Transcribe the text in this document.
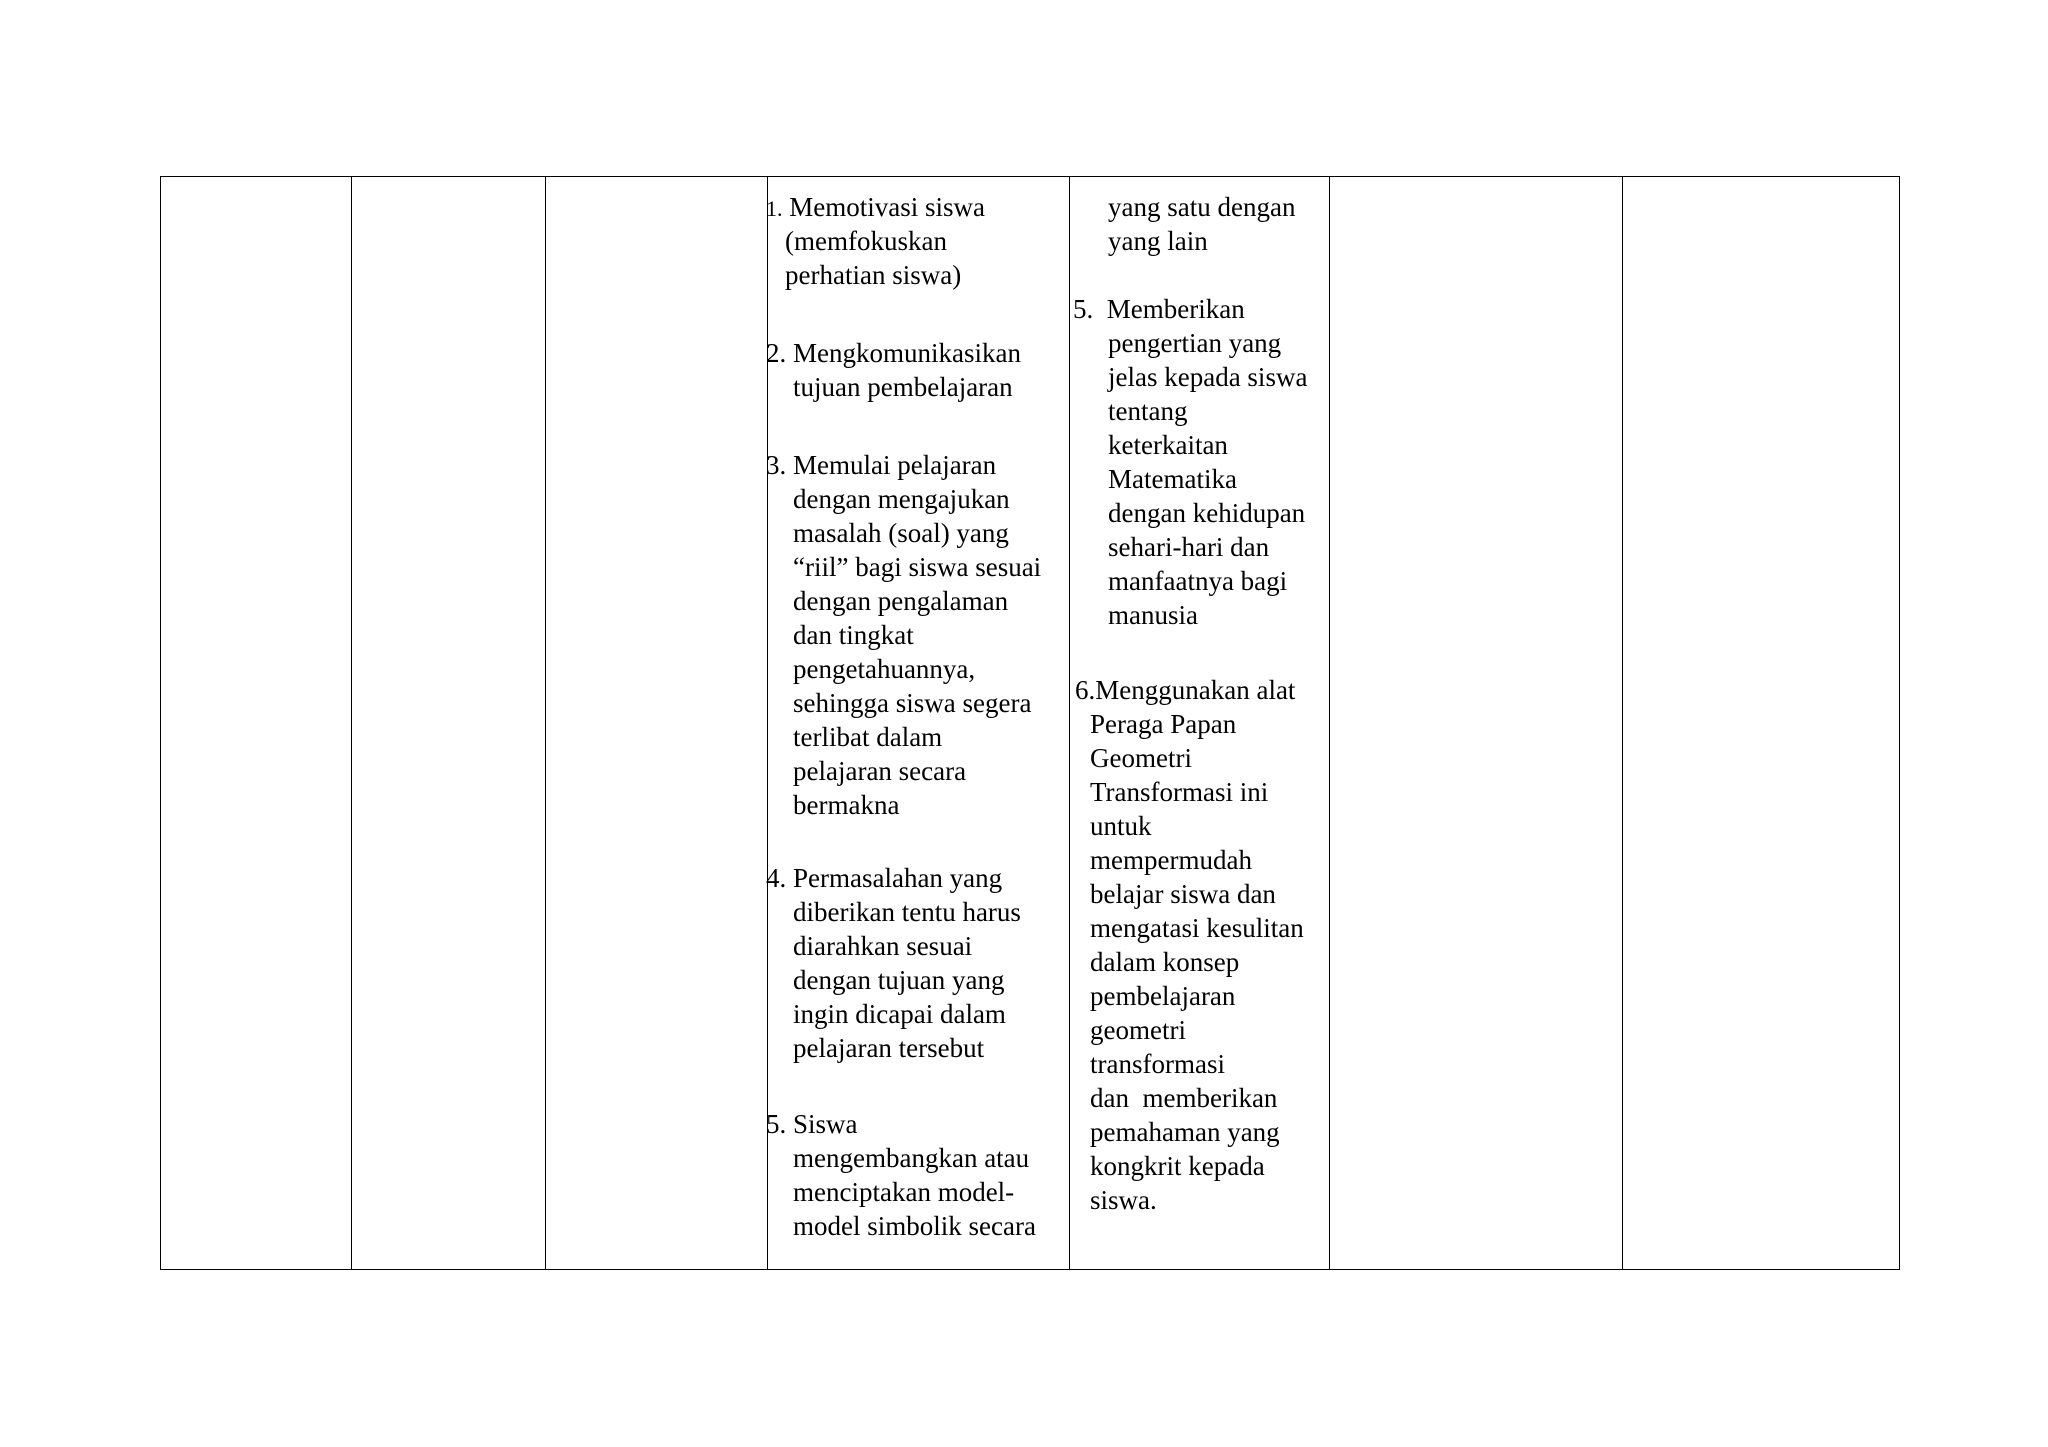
1. Memotivasi siswa
(memfokuskan
perhatian siswa)
2. Mengkomunikasikan
tujuan pembelajaran
3. Memulai pelajaran
dengan mengajukan
masalah (soal) yang
“riil” bagi siswa sesuai
dengan pengalaman
dan tingkat
pengetahuannya,
sehingga siswa segera
terlibat dalam
pelajaran secara
bermakna
4. Permasalahan yang
diberikan tentu harus
diarahkan sesuai
dengan tujuan yang
ingin dicapai dalam
pelajaran tersebut
5. Siswa
mengembangkan atau
menciptakan model-
model simbolik secara
yang satu dengan
yang lain
5. Memberikan
pengertian yang
jelas kepada siswa
tentang
keterkaitan
Matematika
dengan kehidupan
sehari-hari dan
manfaatnya bagi
manusia
6.Menggunakan alat
Peraga Papan
Geometri
Transformasi ini
untuk
mempermudah
belajar siswa dan
mengatasi kesulitan
dalam konsep
pembelajaran
geometri
transformasi
dan  memberikan
pemahaman yang
kongkrit kepada
siswa.
